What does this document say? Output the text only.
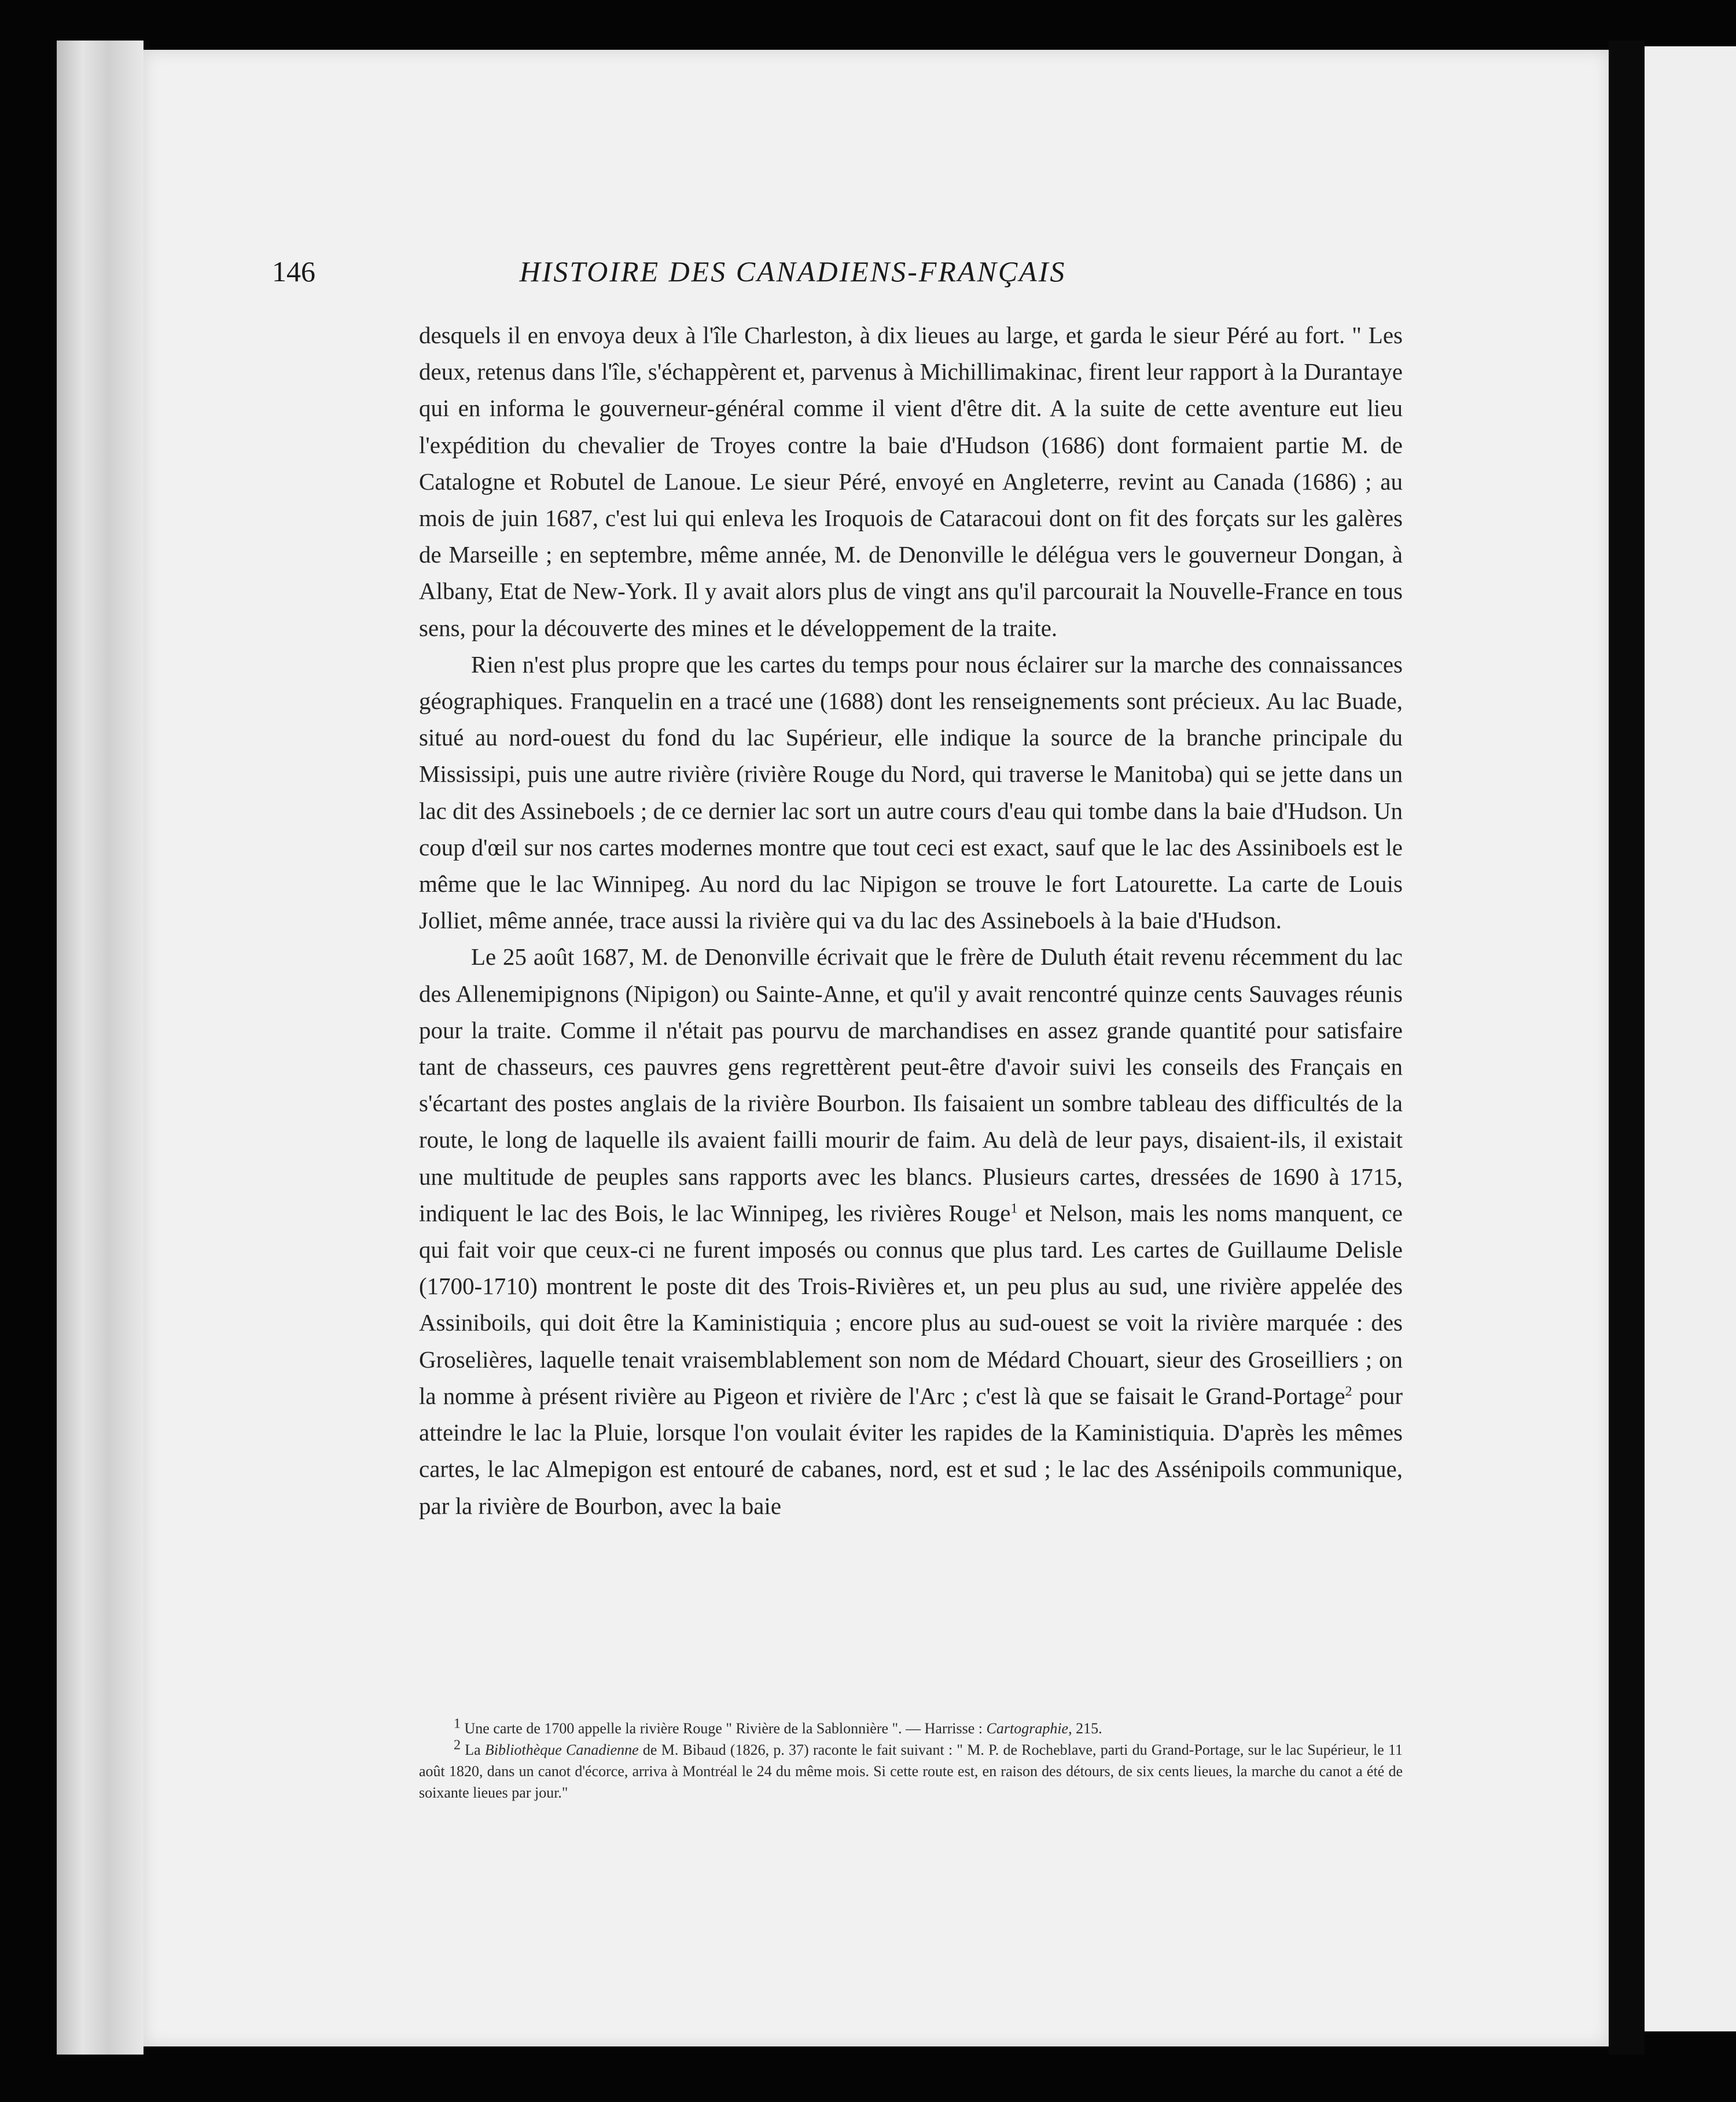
146	HISTOIRE DES CANADIENS-FRANÇAIS

desquels il en envoya deux à l'île Charleston, à dix lieues au large, et garda le sieur Péré au fort. " Les deux, retenus dans l'île, s'échappèrent et, parvenus à Michillimakinac, firent leur rapport à la Durantaye qui en informa le gouverneur-général comme il vient d'être dit. A la suite de cette aventure eut lieu l'expédition du chevalier de Troyes contre la baie d'Hudson (1686) dont formaient partie M. de Catalogne et Robutel de Lanoue. Le sieur Péré, envoyé en Angleterre, revint au Canada (1686) ; au mois de juin 1687, c'est lui qui enleva les Iroquois de Cataracoui dont on fit des forçats sur les galères de Marseille ; en septembre, même année, M. de Denonville le délégua vers le gouverneur Dongan, à Albany, Etat de New-York. Il y avait alors plus de vingt ans qu'il parcourait la Nouvelle-France en tous sens, pour la découverte des mines et le développement de la traite.

Rien n'est plus propre que les cartes du temps pour nous éclairer sur la marche des connaissances géographiques. Franquelin en a tracé une (1688) dont les renseignements sont précieux. Au lac Buade, situé au nord-ouest du fond du lac Supérieur, elle indique la source de la branche principale du Mississipi, puis une autre rivière (rivière Rouge du Nord, qui traverse le Manitoba) qui se jette dans un lac dit des Assineboels ; de ce dernier lac sort un autre cours d'eau qui tombe dans la baie d'Hudson. Un coup d'œil sur nos cartes modernes montre que tout ceci est exact, sauf que le lac des Assiniboels est le même que le lac Winnipeg. Au nord du lac Nipigon se trouve le fort Latourette. La carte de Louis Jolliet, même année, trace aussi la rivière qui va du lac des Assineboels à la baie d'Hudson.

Le 25 août 1687, M. de Denonville écrivait que le frère de Duluth était revenu récemment du lac des Allenemipignons (Nipigon) ou Sainte-Anne, et qu'il y avait rencontré quinze cents Sauvages réunis pour la traite. Comme il n'était pas pourvu de marchandises en assez grande quantité pour satisfaire tant de chasseurs, ces pauvres gens regrettèrent peut-être d'avoir suivi les conseils des Français en s'écartant des postes anglais de la rivière Bourbon. Ils faisaient un sombre tableau des difficultés de la route, le long de laquelle ils avaient failli mourir de faim. Au delà de leur pays, disaient-ils, il existait une multitude de peuples sans rapports avec les blancs. Plusieurs cartes, dressées de 1690 à 1715, indiquent le lac des Bois, le lac Winnipeg, les rivières Rouge$^1$ et Nelson, mais les noms manquent, ce qui fait voir que ceux-ci ne furent imposés ou connus que plus tard. Les cartes de Guillaume Delisle (1700-1710) montrent le poste dit des Trois-Rivières et, un peu plus au sud, une rivière appelée des Assiniboils, qui doit être la Kaministiquia ; encore plus au sud-ouest se voit la rivière marquée : des Groselières, laquelle tenait vraisemblablement son nom de Médard Chouart, sieur des Groseilliers ; on la nomme à présent rivière au Pigeon et rivière de l'Arc ; c'est là que se faisait le Grand-Portage$^2$ pour atteindre le lac la Pluie, lorsque l'on voulait éviter les rapides de la Kaministiquia. D'après les mêmes cartes, le lac Almepigon est entouré de cabanes, nord, est et sud ; le lac des Assénipoils communique, par la rivière de Bourbon, avec la baie

$^1$ Une carte de 1700 appelle la rivière Rouge " Rivière de la Sablonnière ". — Harrisse : Cartographie, 215.

$^2$ La Bibliothèque Canadienne de M. Bibaud (1826, p. 37) raconte le fait suivant : " M. P. de Rocheblave, parti du Grand-Portage, sur le lac Supérieur, le 11 août 1820, dans un canot d'écorce, arriva à Montréal le 24 du même mois. Si cette route est, en raison des détours, de six cents lieues, la marche du canot a été de soixante lieues par jour."
